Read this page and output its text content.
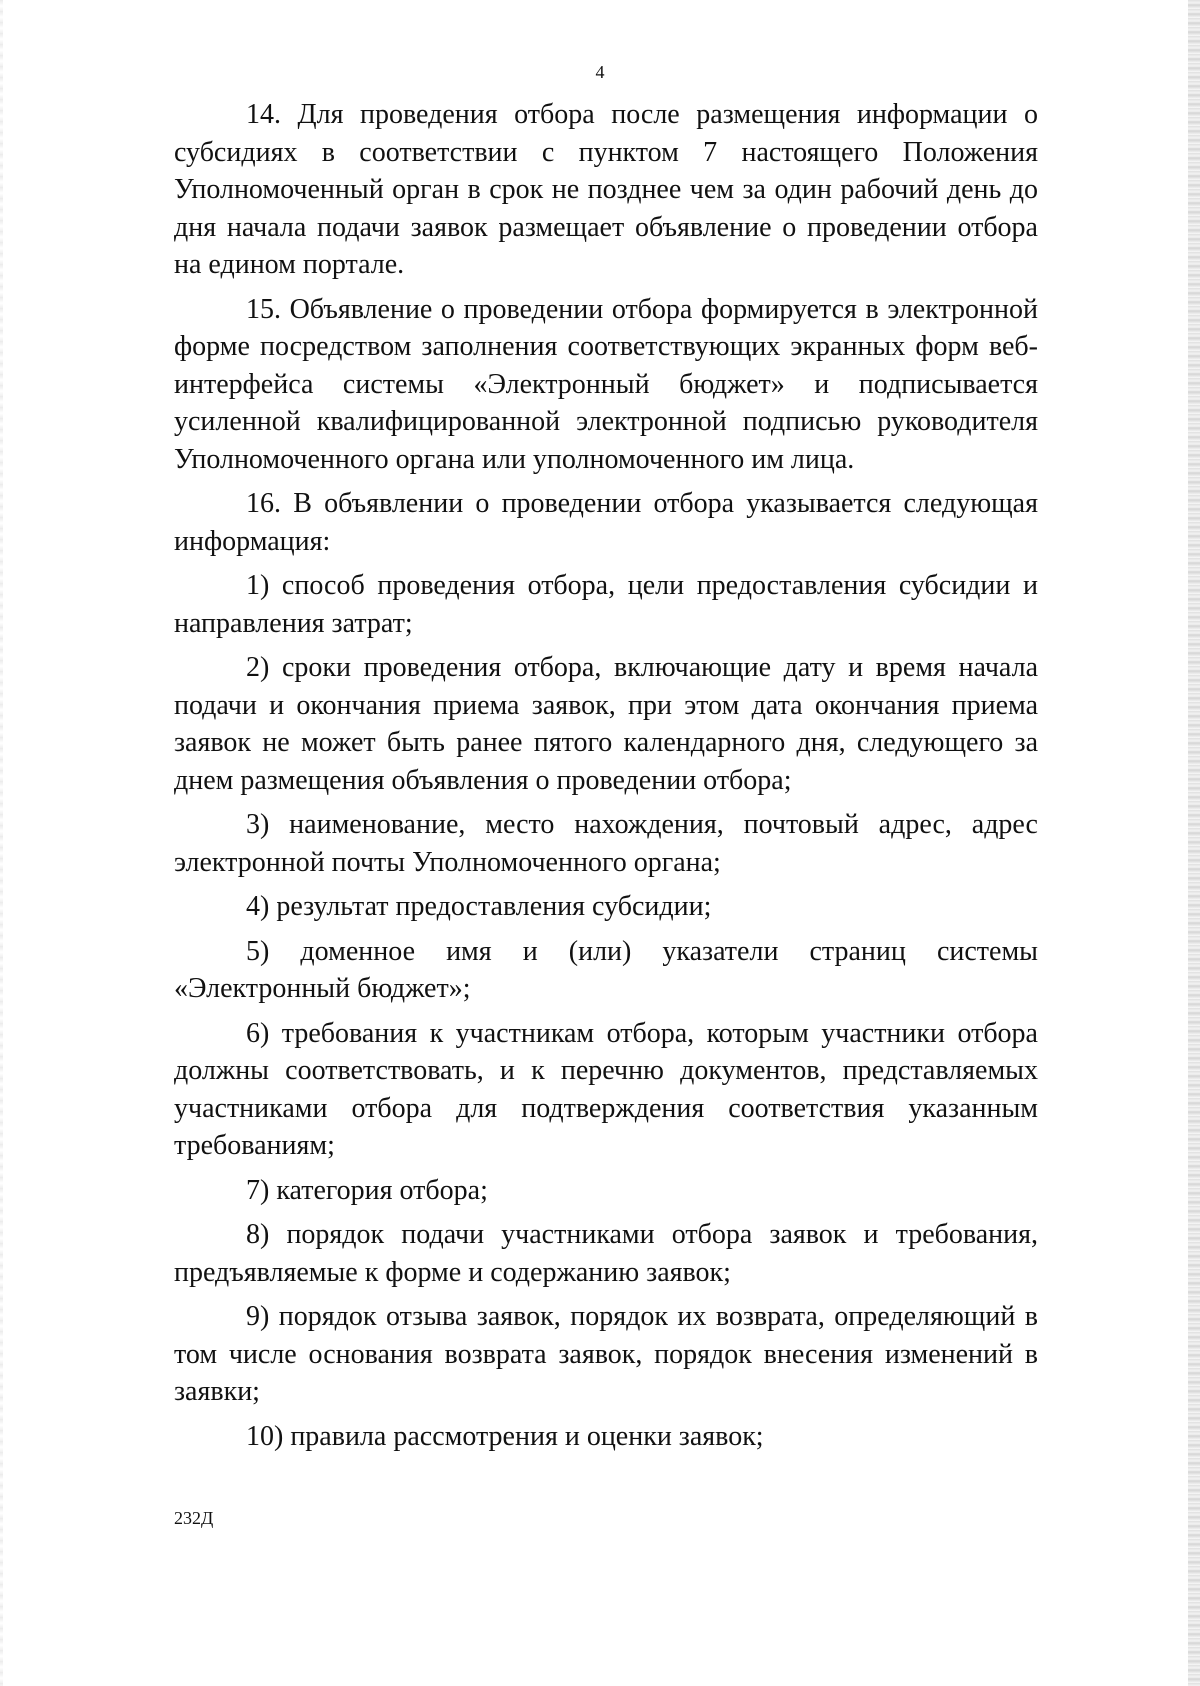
4

14. Для проведения отбора после размещения информации о субсидиях в соответствии с пунктом 7 настоящего Положения Уполномоченный орган в срок не позднее чем за один рабочий день до дня начала подачи заявок размещает объявление о проведении отбора на едином портале.

15. Объявление о проведении отбора формируется в электронной форме посредством заполнения соответствующих экранных форм веб-интерфейса системы «Электронный бюджет» и подписывается усиленной квалифицированной электронной подписью руководителя Уполномоченного органа или уполномоченного им лица.

16. В объявлении о проведении отбора указывается следующая информация:

1) способ проведения отбора, цели предоставления субсидии и направления затрат;

2) сроки проведения отбора, включающие дату и время начала подачи и окончания приема заявок, при этом дата окончания приема заявок не может быть ранее пятого календарного дня, следующего за днем размещения объявления о проведении отбора;

3) наименование, место нахождения, почтовый адрес, адрес электронной почты Уполномоченного органа;

4) результат предоставления субсидии;

5) доменное имя и (или) указатели страниц системы «Электронный бюджет»;

6) требования к участникам отбора, которым участники отбора должны соответствовать, и к перечню документов, представляемых участниками отбора для подтверждения соответствия указанным требованиям;

7) категория отбора;

8) порядок подачи участниками отбора заявок и требования, предъявляемые к форме и содержанию заявок;

9) порядок отзыва заявок, порядок их возврата, определяющий в том числе основания возврата заявок, порядок внесения изменений в заявки;

10) правила рассмотрения и оценки заявок;

232Д
